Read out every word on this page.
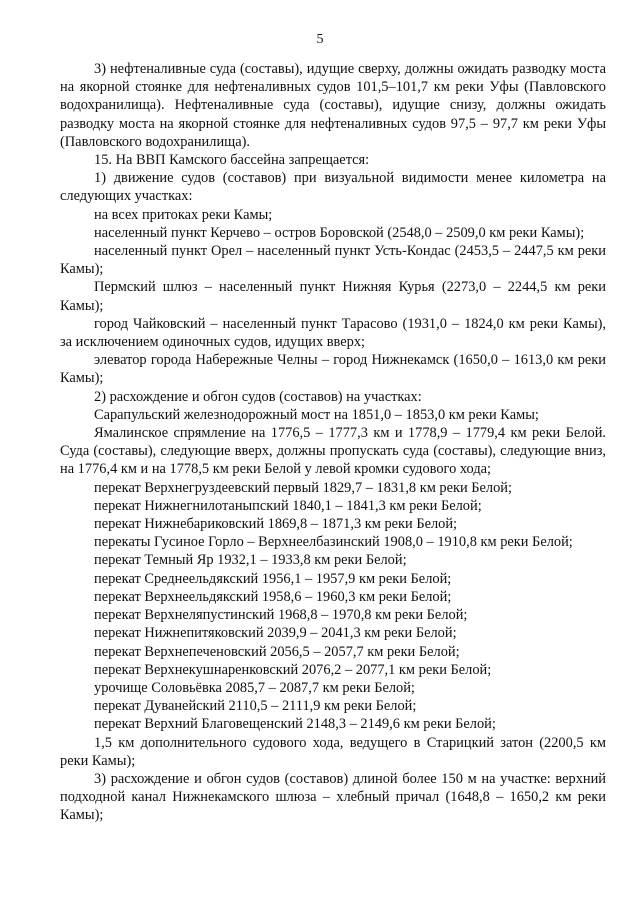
5

3) нефтеналивные суда (составы), идущие сверху, должны ожидать разводку моста на якорной стоянке для нефтеналивных судов 101,5–101,7 км реки Уфы (Павловского водохранилища). Нефтеналивные суда (составы), идущие снизу, должны ожидать разводку моста на якорной стоянке для нефтеналивных судов 97,5 – 97,7 км реки Уфы (Павловского водохранилища).

15. На ВВП Камского бассейна запрещается:

1) движение судов (составов) при визуальной видимости менее километра на следующих участках:

на всех притоках реки Камы;

населенный пункт Керчево – остров Боровской (2548,0 – 2509,0 км реки Камы);

населенный пункт Орел – населенный пункт Усть-Кондас (2453,5 – 2447,5 км реки Камы);

Пермский шлюз – населенный пункт Нижняя Курья (2273,0 – 2244,5 км реки Камы);

город Чайковский – населенный пункт Тарасово (1931,0 – 1824,0 км реки Камы), за исключением одиночных судов, идущих вверх;

элеватор города Набережные Челны – город Нижнекамск (1650,0 – 1613,0 км реки Камы);

2) расхождение и обгон судов (составов) на участках:

Сарапульский железнодорожный мост на 1851,0 – 1853,0 км реки Камы;

Ямалинское спрямление на 1776,5 – 1777,3 км и 1778,9 – 1779,4 км реки Белой. Суда (составы), следующие вверх, должны пропускать суда (составы), следующие вниз, на 1776,4 км и на 1778,5 км реки Белой у левой кромки судового хода;

перекат Верхнегруздеевский первый 1829,7 – 1831,8 км реки Белой;

перекат Нижнегнилотаныпский 1840,1 – 1841,3 км реки Белой;

перекат Нижнебариковский 1869,8 – 1871,3 км реки Белой;

перекаты Гусиное Горло – Верхнеелбазинский 1908,0 – 1910,8 км реки Белой;

перекат Темный Яр 1932,1 – 1933,8 км реки Белой;

перекат Среднеельдякский 1956,1 – 1957,9 км реки Белой;

перекат Верхнеельдякский 1958,6 – 1960,3 км реки Белой;

перекат Верхнеляпустинский 1968,8 – 1970,8 км реки Белой;

перекат Нижнепитяковский 2039,9 – 2041,3 км реки Белой;

перекат Верхнепеченовский 2056,5 – 2057,7 км реки Белой;

перекат Верхнекушнаренковский 2076,2 – 2077,1 км реки Белой;

урочище Соловьёвка 2085,7 – 2087,7 км реки Белой;

перекат Дуванейский 2110,5 – 2111,9 км реки Белой;

перекат Верхний Благовещенский 2148,3 – 2149,6 км реки Белой;

1,5 км дополнительного судового хода, ведущего в Старицкий затон (2200,5 км реки Камы);

3) расхождение и обгон судов (составов) длиной более 150 м на участке: верхний подходной канал Нижнекамского шлюза – хлебный причал (1648,8 – 1650,2 км реки Камы);
